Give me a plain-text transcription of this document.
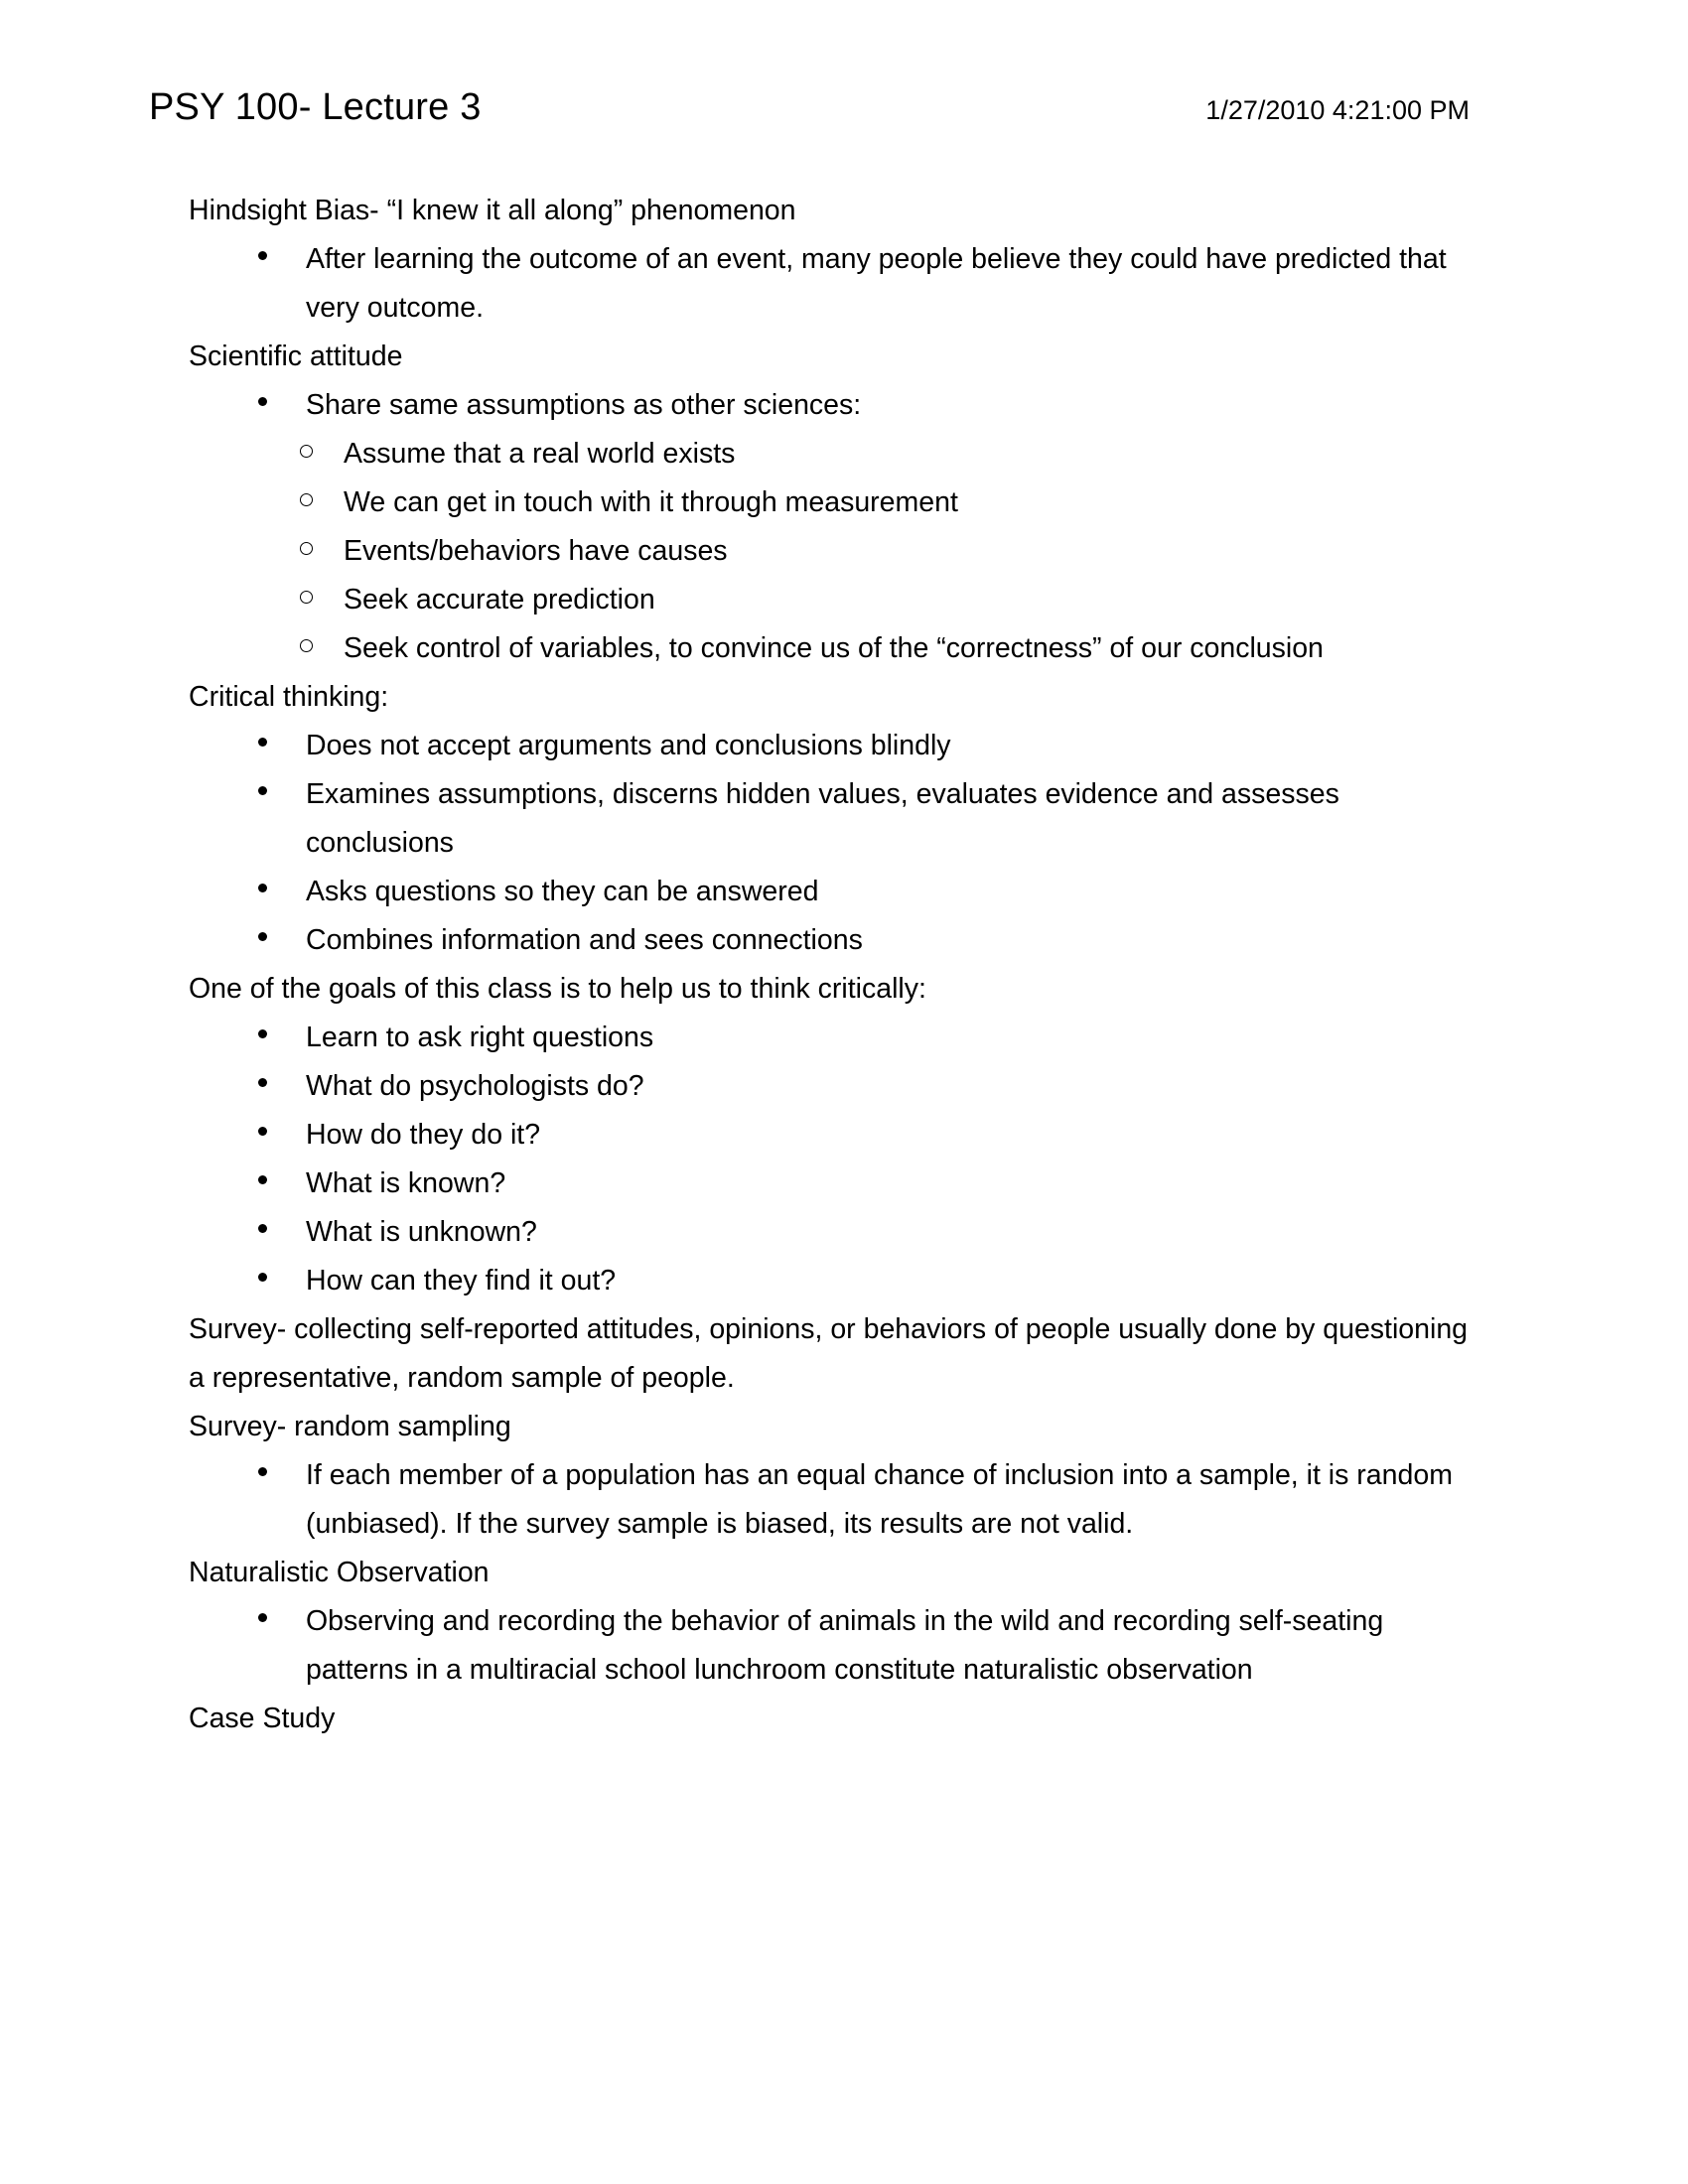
PSY 100- Lecture 3	1/27/2010 4:21:00 PM
Hindsight Bias- “I knew it all along” phenomenon
After learning the outcome of an event, many people believe they could have predicted that very outcome.
Scientific attitude
Share same assumptions as other sciences:
Assume that a real world exists
We can get in touch with it through measurement
Events/behaviors have causes
Seek accurate prediction
Seek control of variables, to convince us of the “correctness” of our conclusion
Critical thinking:
Does not accept arguments and conclusions blindly
Examines assumptions, discerns hidden values, evaluates evidence and assesses conclusions
Asks questions so they can be answered
Combines information and sees connections
One of the goals of this class is to help us to think critically:
Learn to ask right questions
What do psychologists do?
How do they do it?
What is known?
What is unknown?
How can they find it out?
Survey- collecting self-reported attitudes, opinions, or behaviors of people usually done by questioning a representative, random sample of people.
Survey- random sampling
If each member of a population has an equal chance of inclusion into a sample, it is random (unbiased). If the survey sample is biased, its results are not valid.
Naturalistic Observation
Observing and recording the behavior of animals in the wild and recording self-seating patterns in a multiracial school lunchroom constitute naturalistic observation
Case Study
